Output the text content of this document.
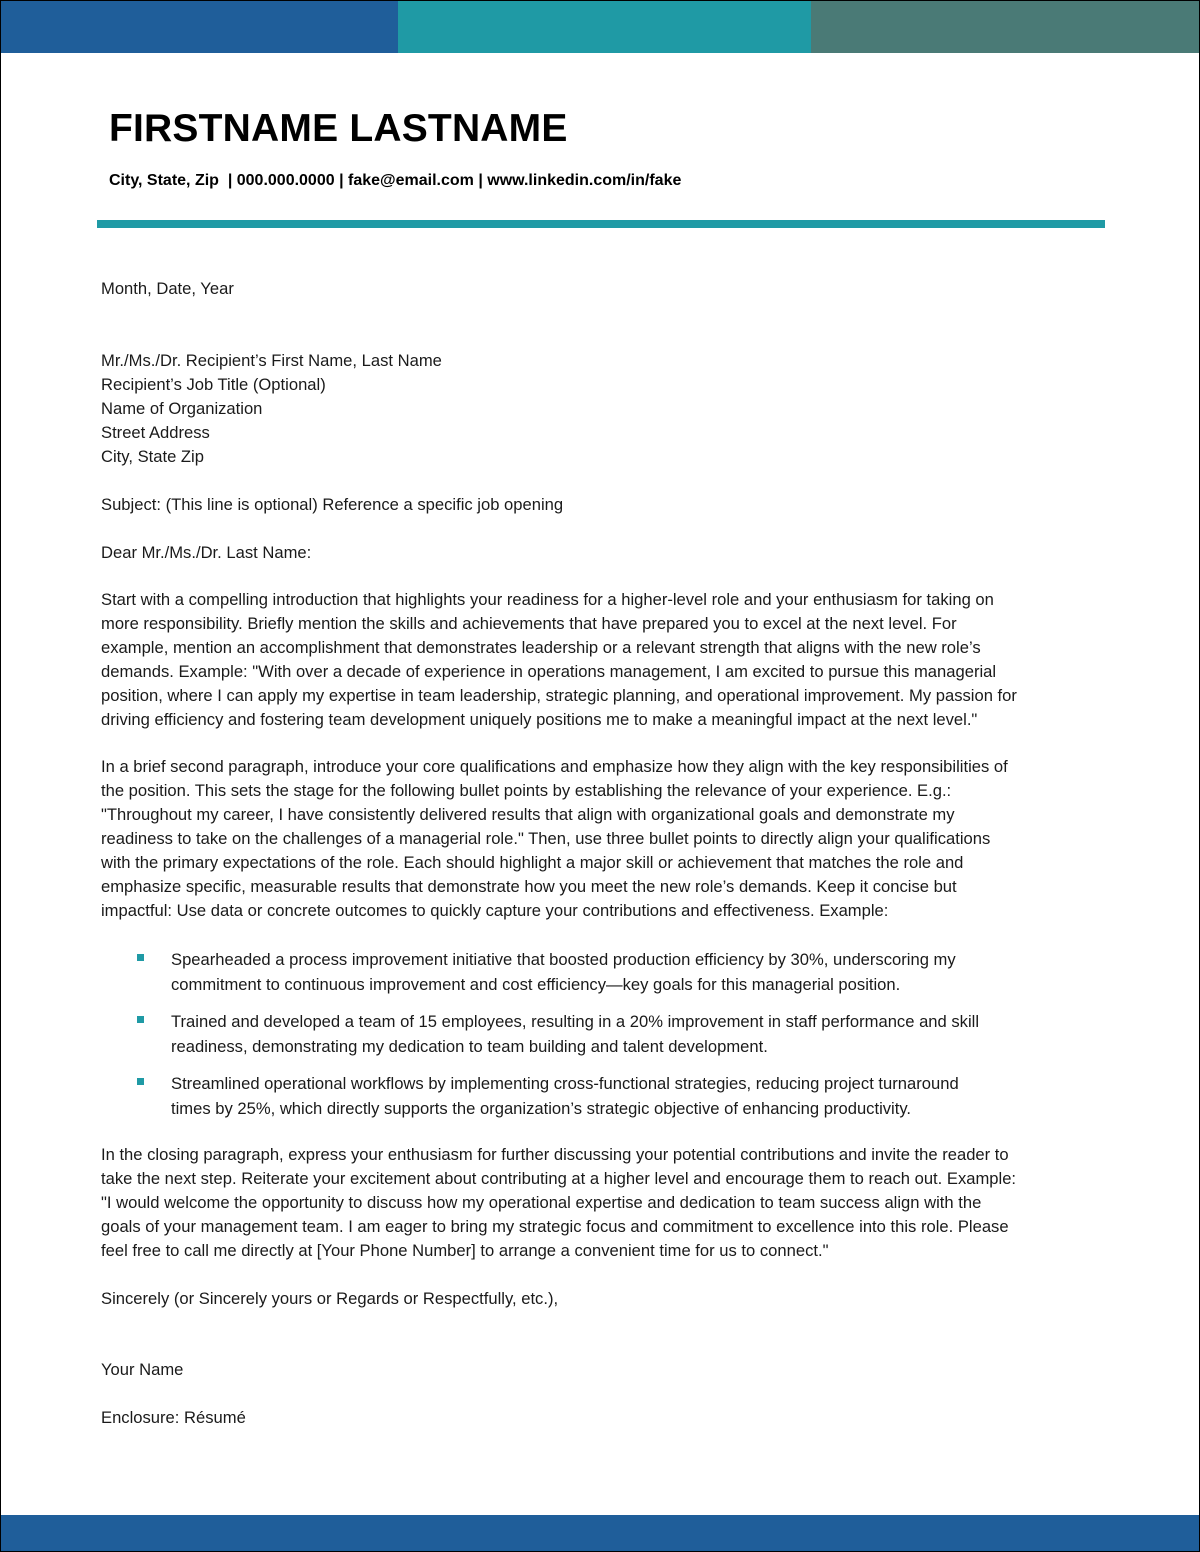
FIRSTNAME LASTNAME
City, State, Zip  | 000.000.0000 | fake@email.com | www.linkedin.com/in/fake
Month, Date, Year
Mr./Ms./Dr. Recipient’s First Name, Last Name
Recipient’s Job Title (Optional)
Name of Organization
Street Address
City, State Zip
Subject: (This line is optional) Reference a specific job opening
Dear Mr./Ms./Dr. Last Name:
Start with a compelling introduction that highlights your readiness for a higher-level role and your enthusiasm for taking on
more responsibility. Briefly mention the skills and achievements that have prepared you to excel at the next level. For
example, mention an accomplishment that demonstrates leadership or a relevant strength that aligns with the new role’s
demands. Example: "With over a decade of experience in operations management, I am excited to pursue this managerial
position, where I can apply my expertise in team leadership, strategic planning, and operational improvement. My passion for
driving efficiency and fostering team development uniquely positions me to make a meaningful impact at the next level."
In a brief second paragraph, introduce your core qualifications and emphasize how they align with the key responsibilities of
the position. This sets the stage for the following bullet points by establishing the relevance of your experience. E.g.:
"Throughout my career, I have consistently delivered results that align with organizational goals and demonstrate my
readiness to take on the challenges of a managerial role." Then, use three bullet points to directly align your qualifications
with the primary expectations of the role. Each should highlight a major skill or achievement that matches the role and
emphasize specific, measurable results that demonstrate how you meet the new role’s demands. Keep it concise but
impactful: Use data or concrete outcomes to quickly capture your contributions and effectiveness. Example:
Spearheaded a process improvement initiative that boosted production efficiency by 30%, underscoring my
commitment to continuous improvement and cost efficiency—key goals for this managerial position.
Trained and developed a team of 15 employees, resulting in a 20% improvement in staff performance and skill
readiness, demonstrating my dedication to team building and talent development.
Streamlined operational workflows by implementing cross-functional strategies, reducing project turnaround
times by 25%, which directly supports the organization’s strategic objective of enhancing productivity.
In the closing paragraph, express your enthusiasm for further discussing your potential contributions and invite the reader to
take the next step. Reiterate your excitement about contributing at a higher level and encourage them to reach out. Example:
"I would welcome the opportunity to discuss how my operational expertise and dedication to team success align with the
goals of your management team. I am eager to bring my strategic focus and commitment to excellence into this role. Please
feel free to call me directly at [Your Phone Number] to arrange a convenient time for us to connect."
Sincerely (or Sincerely yours or Regards or Respectfully, etc.),
Your Name
Enclosure: Résumé
